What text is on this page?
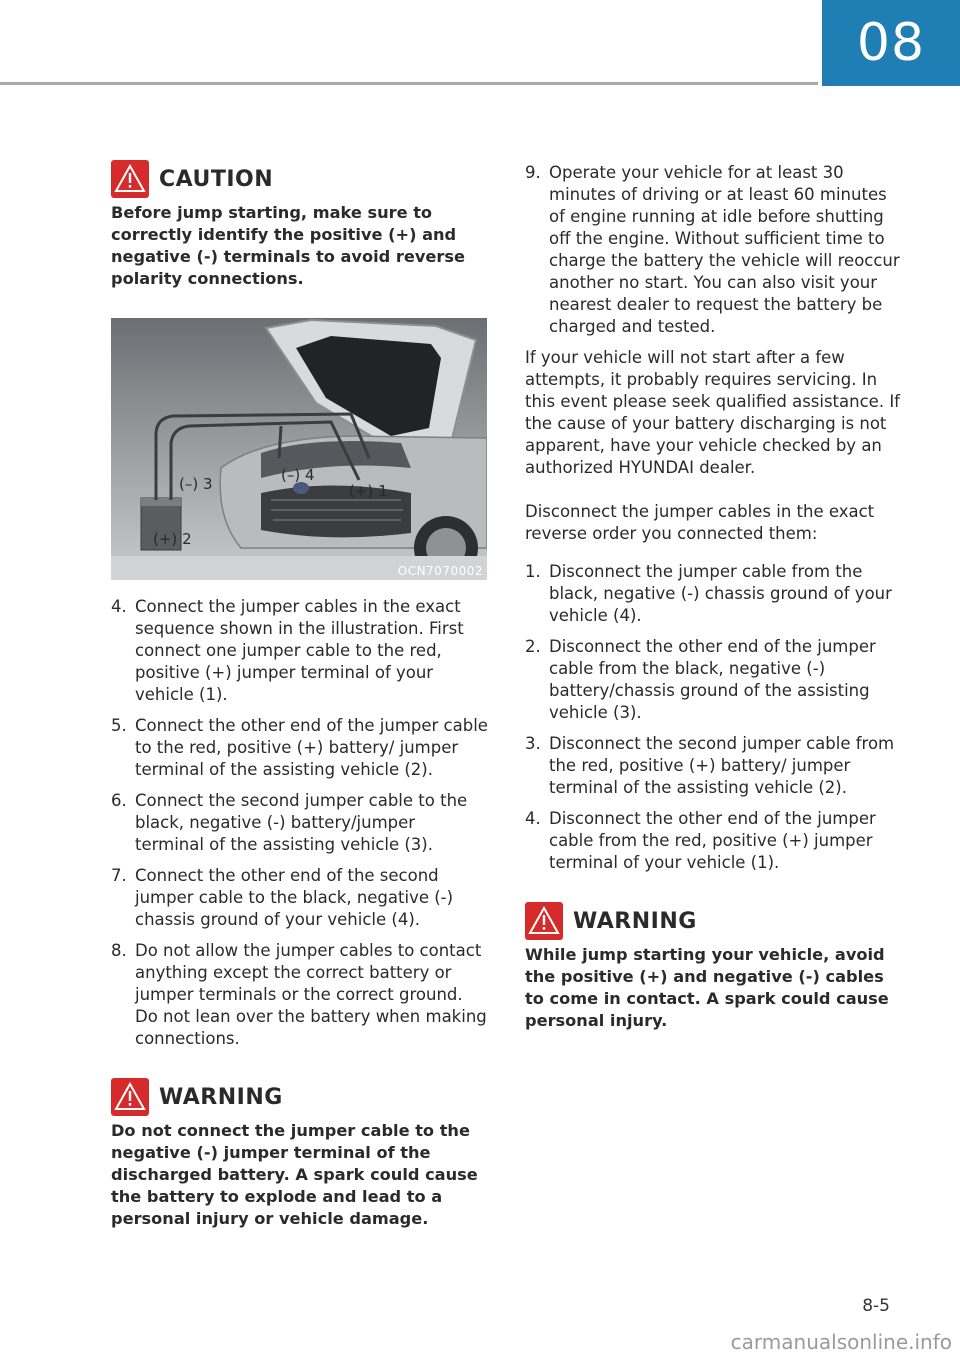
08
CAUTION

Before jump starting, make sure to correctly identify the positive (+) and negative (-) terminals to avoid reverse polarity connections.

(–) 3	(–) 4
(+) 1
(+) 2
OCN7070002
4. Connect the jumper cables in the exact sequence shown in the illustration. First connect one jumper cable to the red, positive (+) jumper terminal of your vehicle (1).
5. Connect the other end of the jumper cable to the red, positive (+) battery/ jumper terminal of the assisting vehicle (2).
6. Connect the second jumper cable to the black, negative (-) battery/jumper terminal of the assisting vehicle (3).
7. Connect the other end of the second jumper cable to the black, negative (-) chassis ground of your vehicle (4).
8. Do not allow the jumper cables to contact anything except the correct battery or jumper terminals or the correct ground. Do not lean over the battery when making connections.
WARNING

Do not connect the jumper cable to the negative (-) jumper terminal of the discharged battery. A spark could cause the battery to explode and lead to a personal injury or vehicle damage.

9. Operate your vehicle for at least 30 minutes of driving or at least 60 minutes of engine running at idle before shutting off the engine. Without sufficient time to charge the battery the vehicle will reoccur another no start. You can also visit your nearest dealer to request the battery be charged and tested.

If your vehicle will not start after a few attempts, it probably requires servicing. In this event please seek qualified assistance. If the cause of your battery discharging is not apparent, have your vehicle checked by an authorized HYUNDAI dealer.

Disconnect the jumper cables in the exact reverse order you connected them:

1. Disconnect the jumper cable from the black, negative (-) chassis ground of your vehicle (4).
2. Disconnect the other end of the jumper cable from the black, negative (-) battery/chassis ground of the assisting vehicle (3).
3. Disconnect the second jumper cable from the red, positive (+) battery/ jumper terminal of the assisting vehicle (2).
4. Disconnect the other end of the jumper cable from the red, positive (+) jumper terminal of your vehicle (1).
WARNING

While jump starting your vehicle, avoid the positive (+) and negative (-) cables to come in contact. A spark could cause personal injury.

8-5
carmanualsonline.info
